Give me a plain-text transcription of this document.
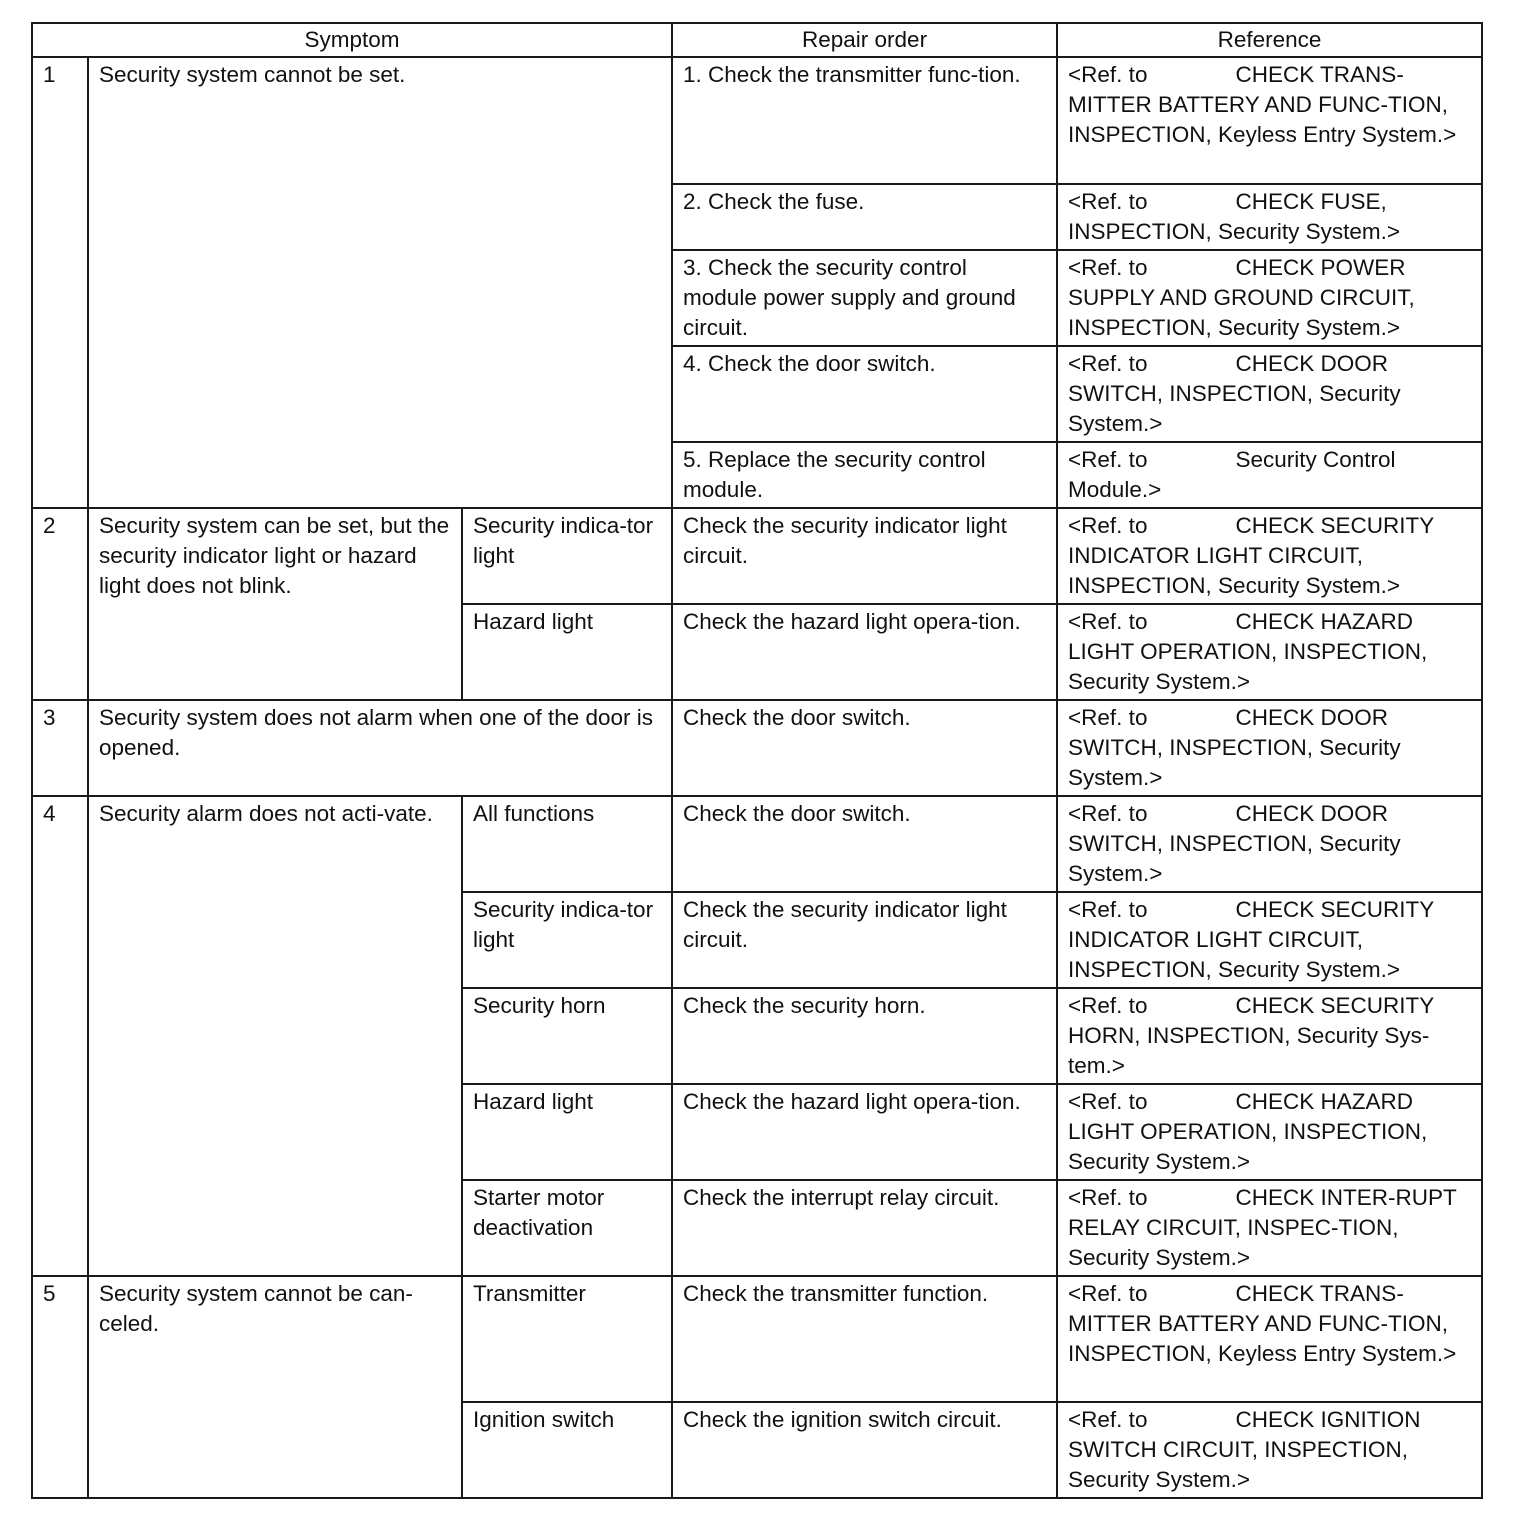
Symptom			Repair order	Reference
1	Security system cannot be set.		1. Check the transmitter func-tion.	<Ref. to CHECK TRANS-MITTER BATTERY AND FUNC-TION, INSPECTION, Keyless Entry System.>
			2. Check the fuse.	<Ref. to CHECK FUSE, INSPECTION, Security System.>
			3. Check the security control module power supply and ground circuit.	<Ref. to CHECK POWER SUPPLY AND GROUND CIRCUIT, INSPECTION, Security System.>
			4. Check the door switch.	<Ref. to CHECK DOOR SWITCH, INSPECTION, Security System.>
			5. Replace the security control module.	<Ref. to Security Control Module.>
2	Security system can be set, but the security indicator light or hazard light does not blink.	Security indica-tor light	Check the security indicator light circuit.	<Ref. to CHECK SECURITY INDICATOR LIGHT CIRCUIT, INSPECTION, Security System.>
		Hazard light	Check the hazard light opera-tion.	<Ref. to CHECK HAZARD LIGHT OPERATION, INSPECTION, Security System.>
3	Security system does not alarm when one of the door is opened.		Check the door switch.	<Ref. to CHECK DOOR SWITCH, INSPECTION, Security System.>
4	Security alarm does not acti-vate.	All functions	Check the door switch.	<Ref. to CHECK DOOR SWITCH, INSPECTION, Security System.>
		Security indica-tor light	Check the security indicator light circuit.	<Ref. to CHECK SECURITY INDICATOR LIGHT CIRCUIT, INSPECTION, Security System.>
		Security horn	Check the security horn.	<Ref. to CHECK SECURITY HORN, INSPECTION, Security Sys-tem.>
		Hazard light	Check the hazard light opera-tion.	<Ref. to CHECK HAZARD LIGHT OPERATION, INSPECTION, Security System.>
		Starter motor deactivation	Check the interrupt relay circuit.	<Ref. to CHECK INTER-RUPT RELAY CIRCUIT, INSPEC-TION, Security System.>
5	Security system cannot be can-celed.	Transmitter	Check the transmitter function.	<Ref. to CHECK TRANS-MITTER BATTERY AND FUNC-TION, INSPECTION, Keyless Entry System.>
		Ignition switch	Check the ignition switch circuit.	<Ref. to CHECK IGNITION SWITCH CIRCUIT, INSPECTION, Security System.>
